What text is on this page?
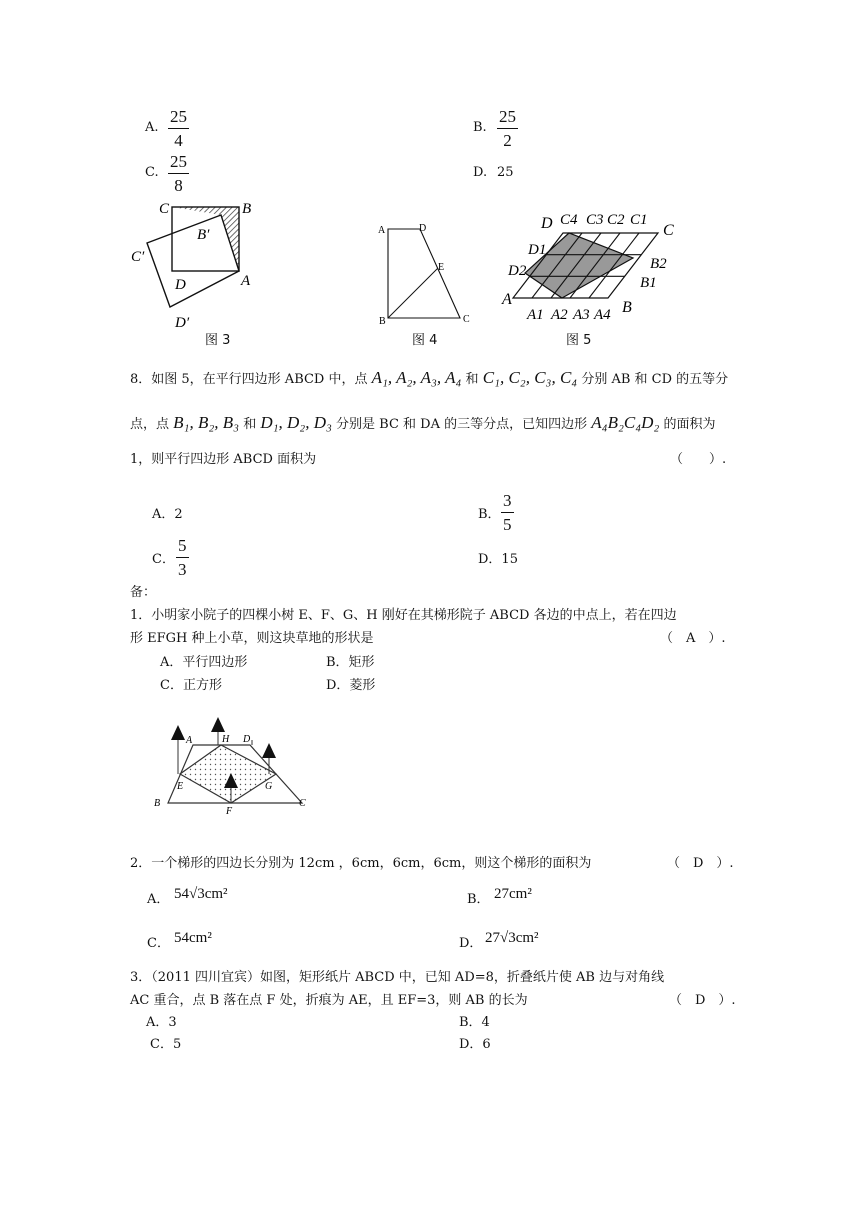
A. $\frac{25}{4}$	B. $\frac{25}{2}$
C. $\frac{25}{8}$	D. 25
C	B
B′
C′
D	A
D′
图 3
A	D
E
B	C
图 4
D C4 C3 C2 C1
C
D1
D2	B2
B1
A
A1 A2 A3 A4 B
图 5
8．如图 5，在平行四边形 ABCD 中，点 A₁, A₂, A₃, A₄ 和 C₁, C₂, C₃, C₄ 分别 AB 和 CD 的五等分
点，点 B₁, B₂, B₃ 和 D₁, D₂, D₃ 分别是 BC 和 DA 的三等分点，已知四边形 A₄B₂C₄D₂ 的面积为
1，则平行四边形 ABCD 面积为	（　　）.
A．2	B． $\frac{3}{5}$
C． $\frac{5}{3}$	D．15
备：
1．小明家小院子的四棵小树 E、F、G、H 刚好在其梯形院子 ABCD 各边的中点上，若在四边
形 EFGH 种上小草，则这块草地的形状是	（　A　）.
A．平行四边形	B．矩形
C．正方形	D．菱形
A	H D
E	G
B
F
C
2．一个梯形的四边长分别为 12cm ，6cm，6cm，6cm，则这个梯形的面积为	（　D　）.
A． 54√3cm²	B． 27cm²
C． 54cm²	D． 27√3cm²
3．（2011 四川宜宾）如图，矩形纸片 ABCD 中，已知 AD=8，折叠纸片使 AB 边与对角线
AC 重合，点 B 落在点 F 处，折痕为 AE，且 EF=3，则 AB 的长为	（　D　）.
A．3	B．4
C．5	D．6
